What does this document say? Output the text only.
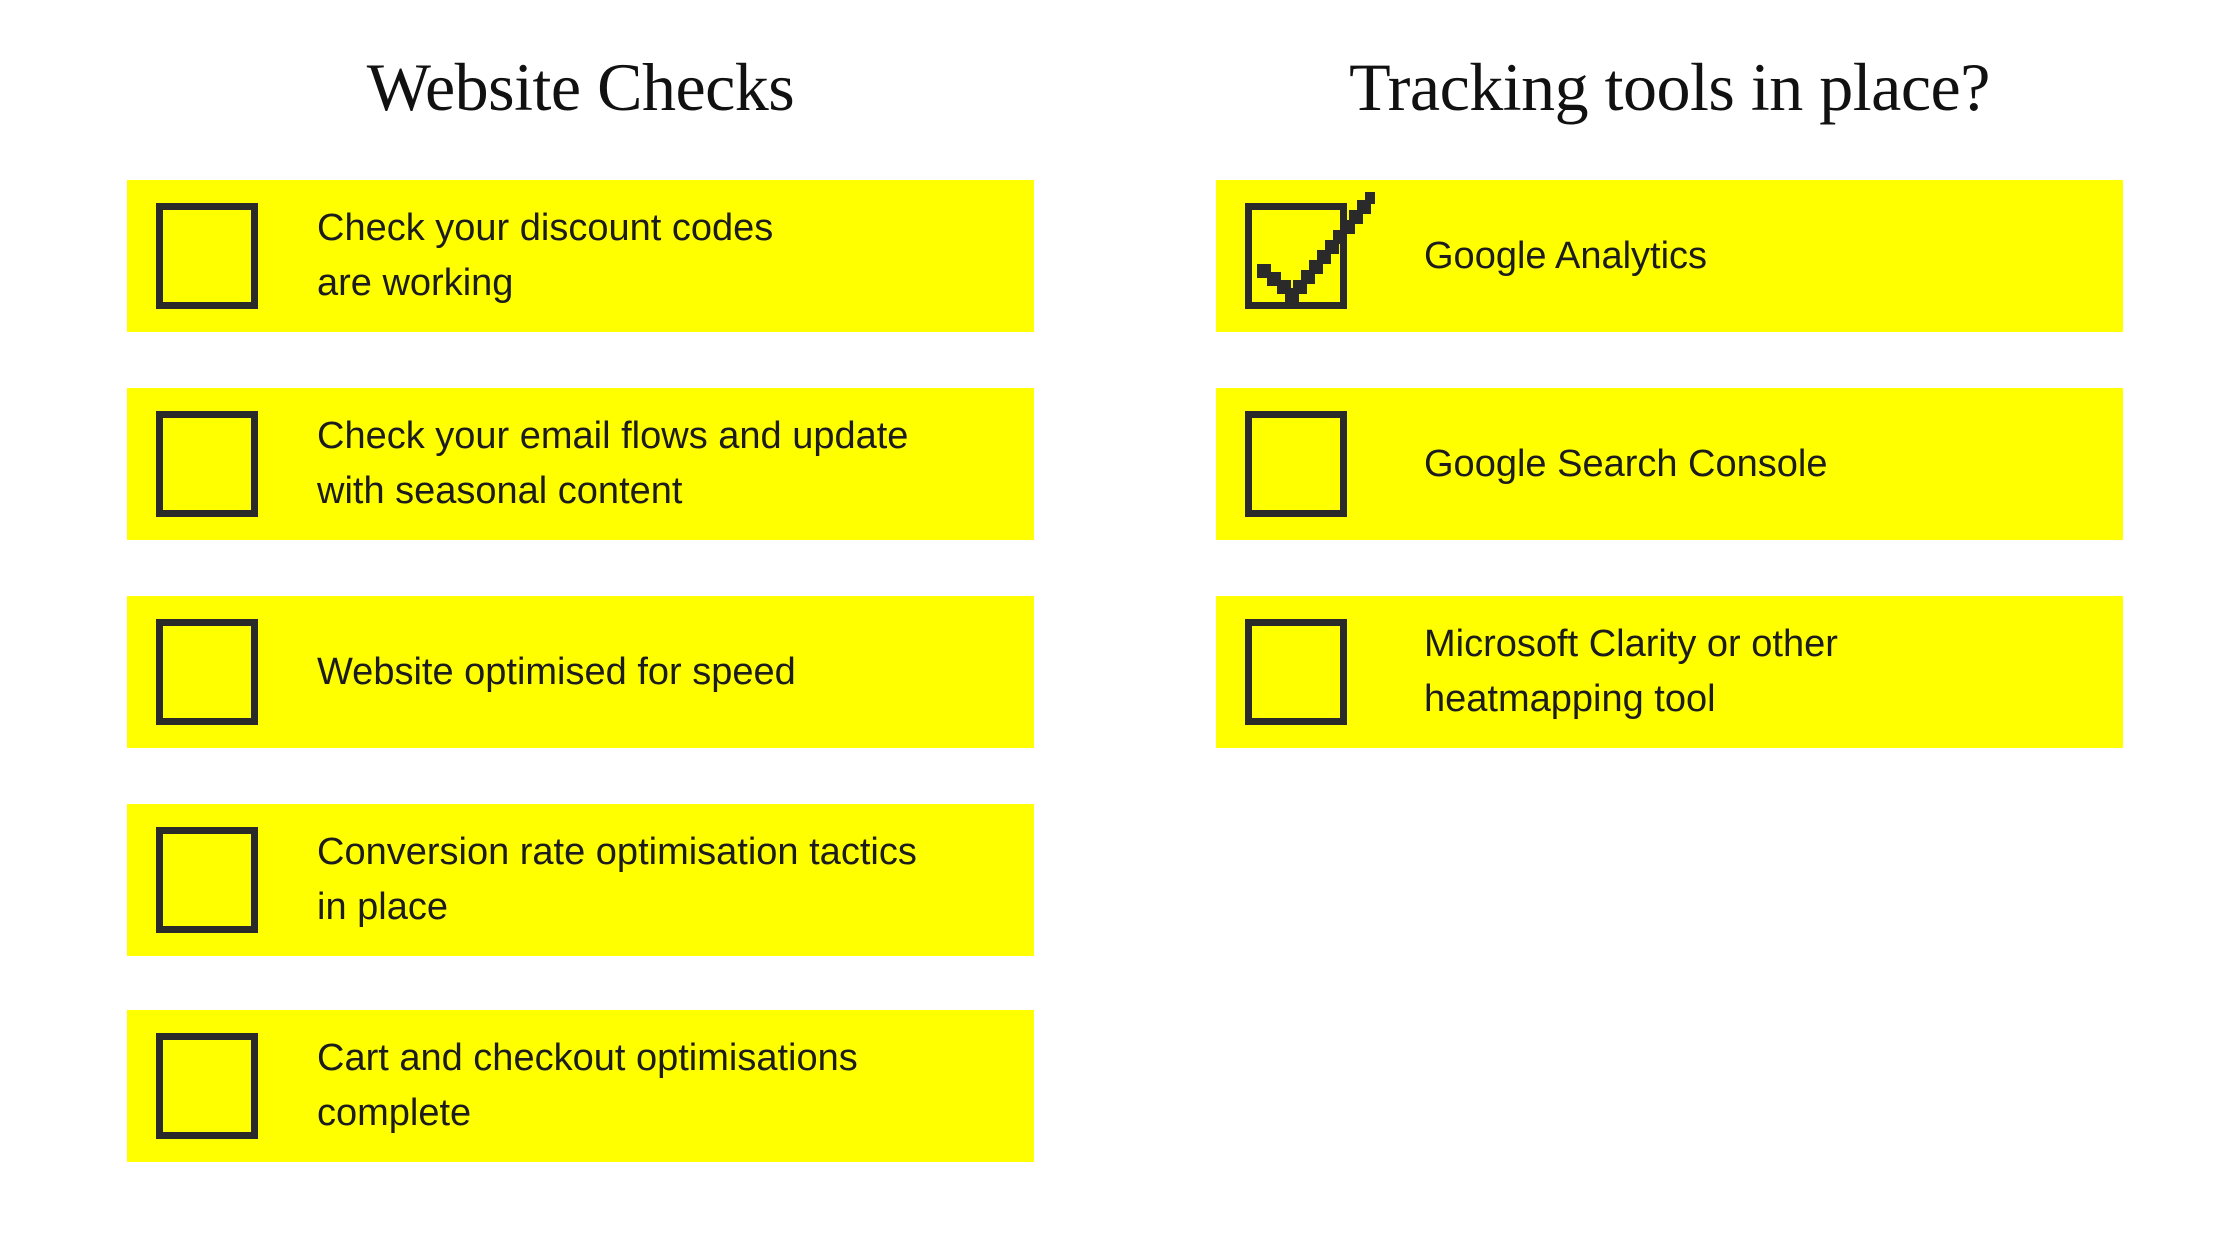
Website Checks	Tracking tools in place?
Check your discount codes
are working
Check your email flows and update
with seasonal content
Website optimised for speed
Conversion rate optimisation tactics
in place
Cart and checkout optimisations
complete
Google Analytics
Google Search Console
Microsoft Clarity or other
heatmapping tool
